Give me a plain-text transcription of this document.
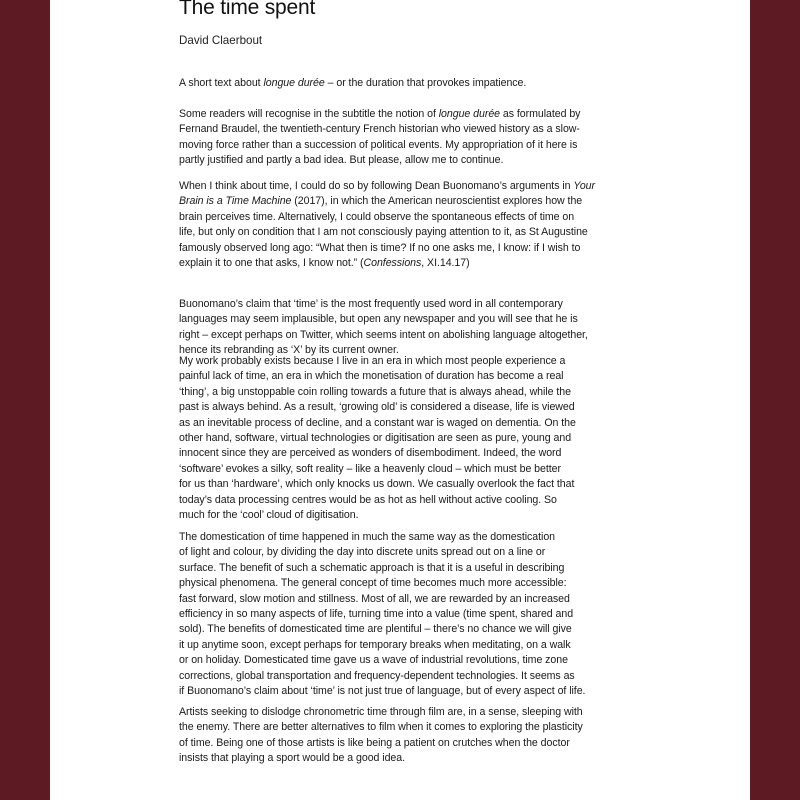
The time spent
David Claerbout
A short text about longue durée – or the duration that provokes impatience.
Some readers will recognise in the subtitle the notion of longue durée as formulated by
Fernand Braudel, the twentieth-century French historian who viewed history as a slow-
moving force rather than a succession of political events. My appropriation of it here is
partly justified and partly a bad idea. But please, allow me to continue.
When I think about time, I could do so by following Dean Buonomano’s arguments in Your
Brain is a Time Machine (2017), in which the American neuroscientist explores how the
brain perceives time. Alternatively, I could observe the spontaneous effects of time on
life, but only on condition that I am not consciously paying attention to it, as St Augustine
famously observed long ago: “What then is time? If no one asks me, I know: if I wish to
explain it to one that asks, I know not.” (Confessions, XI.14.17)
Buonomano’s claim that ‘time’ is the most frequently used word in all contemporary
languages may seem implausible, but open any newspaper and you will see that he is
right – except perhaps on Twitter, which seems intent on abolishing language altogether,
hence its rebranding as ‘X’ by its current owner.
My work probably exists because I live in an era in which most people experience a
painful lack of time, an era in which the monetisation of duration has become a real
‘thing’, a big unstoppable coin rolling towards a future that is always ahead, while the
past is always behind. As a result, ‘growing old’ is considered a disease, life is viewed
as an inevitable process of decline, and a constant war is waged on dementia. On the
other hand, software, virtual technologies or digitisation are seen as pure, young and
innocent since they are perceived as wonders of disembodiment. Indeed, the word
‘software’ evokes a silky, soft reality – like a heavenly cloud – which must be better
for us than ‘hardware’, which only knocks us down. We casually overlook the fact that
today’s data processing centres would be as hot as hell without active cooling. So
much for the ‘cool’ cloud of digitisation.
The domestication of time happened in much the same way as the domestication
of light and colour, by dividing the day into discrete units spread out on a line or
surface. The benefit of such a schematic approach is that it is a useful in describing
physical phenomena. The general concept of time becomes much more accessible:
fast forward, slow motion and stillness. Most of all, we are rewarded by an increased
efficiency in so many aspects of life, turning time into a value (time spent, shared and
sold). The benefits of domesticated time are plentiful – there’s no chance we will give
it up anytime soon, except perhaps for temporary breaks when meditating, on a walk
or on holiday. Domesticated time gave us a wave of industrial revolutions, time zone
corrections, global transportation and frequency-dependent technologies. It seems as
if Buonomano’s claim about ‘time’ is not just true of language, but of every aspect of life.
Artists seeking to dislodge chronometric time through film are, in a sense, sleeping with
the enemy. There are better alternatives to film when it comes to exploring the plasticity
of time. Being one of those artists is like being a patient on crutches when the doctor
insists that playing a sport would be a good idea.
